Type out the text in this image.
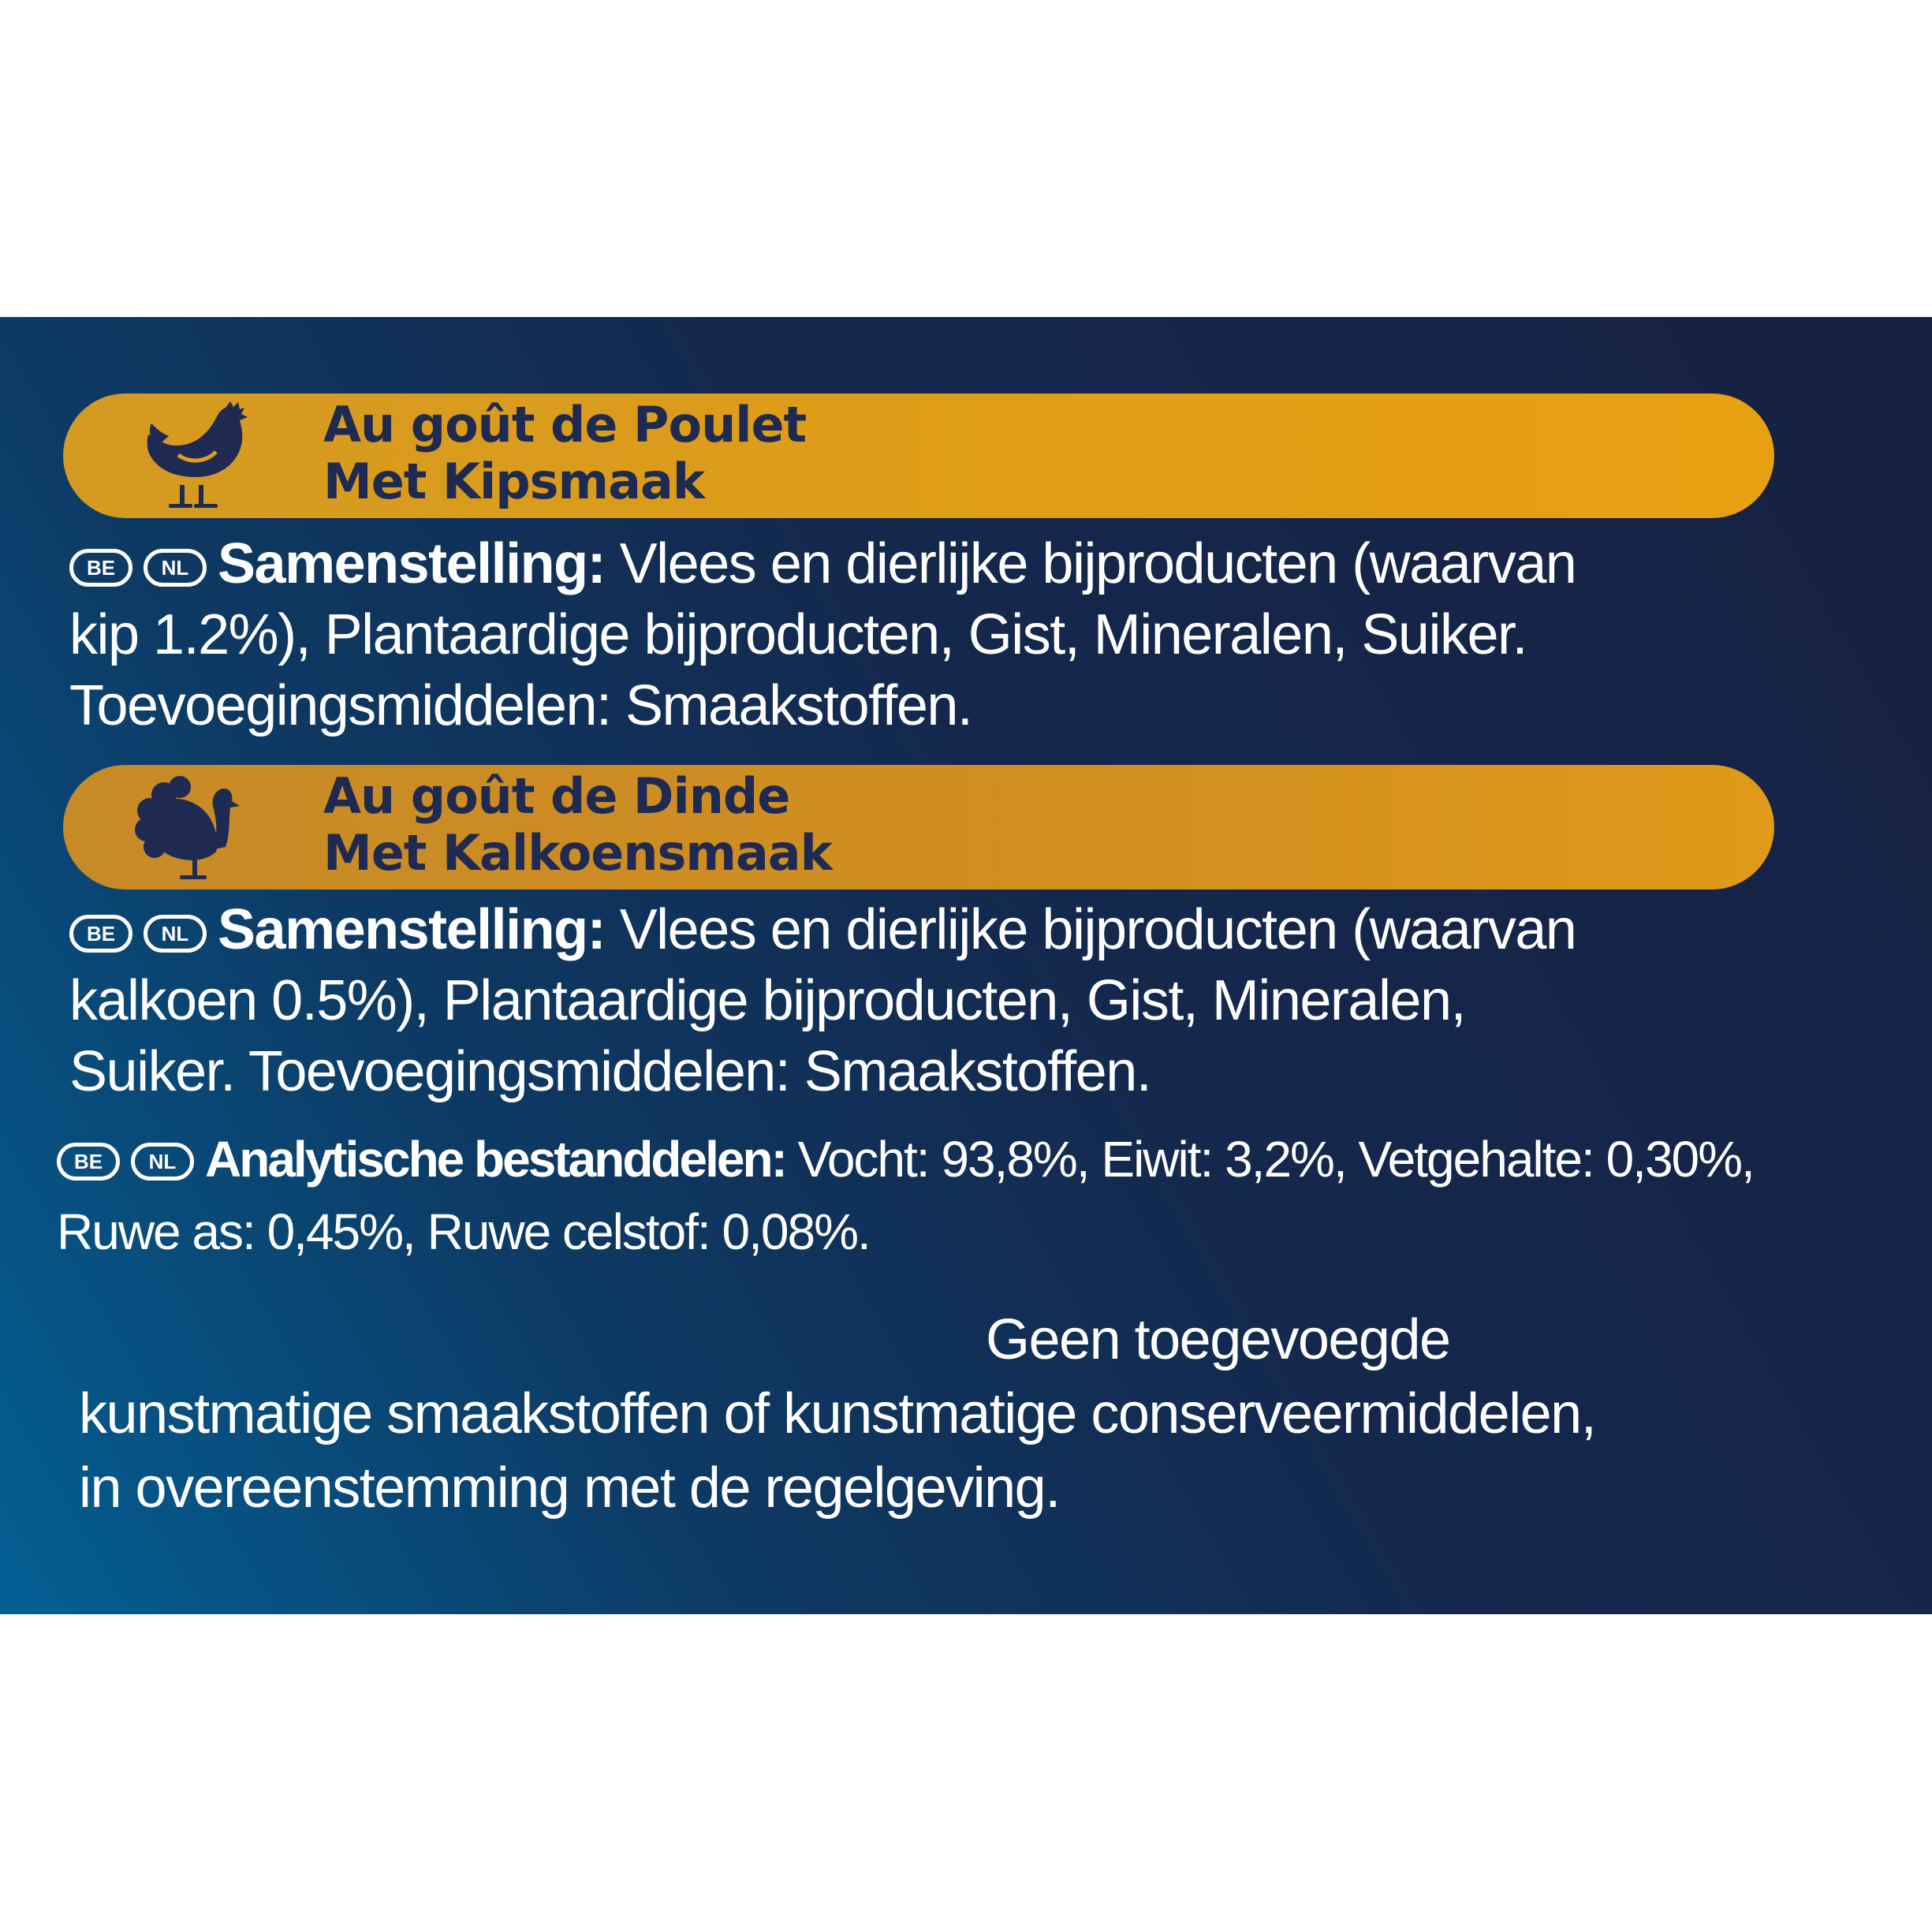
Au goût de Poulet
Met Kipsmaak
BE NL Samenstelling: Vlees en dierlijke bijproducten (waarvan
kip 1.2%), Plantaardige bijproducten, Gist, Mineralen, Suiker.
Toevoegingsmiddelen: Smaakstoffen.
Au goût de Dinde
Met Kalkoensmaak
BE NL Samenstelling: Vlees en dierlijke bijproducten (waarvan
kalkoen 0.5%), Plantaardige bijproducten, Gist, Mineralen,
Suiker. Toevoegingsmiddelen: Smaakstoffen.
BE NL Analytische bestanddelen: Vocht: 93,8%, Eiwit: 3,2%, Vetgehalte: 0,30%,
Ruwe as: 0,45%, Ruwe celstof: 0,08%.
Geen toegevoegde
kunstmatige smaakstoffen of kunstmatige conserveermiddelen,
in overeenstemming met de regelgeving.
